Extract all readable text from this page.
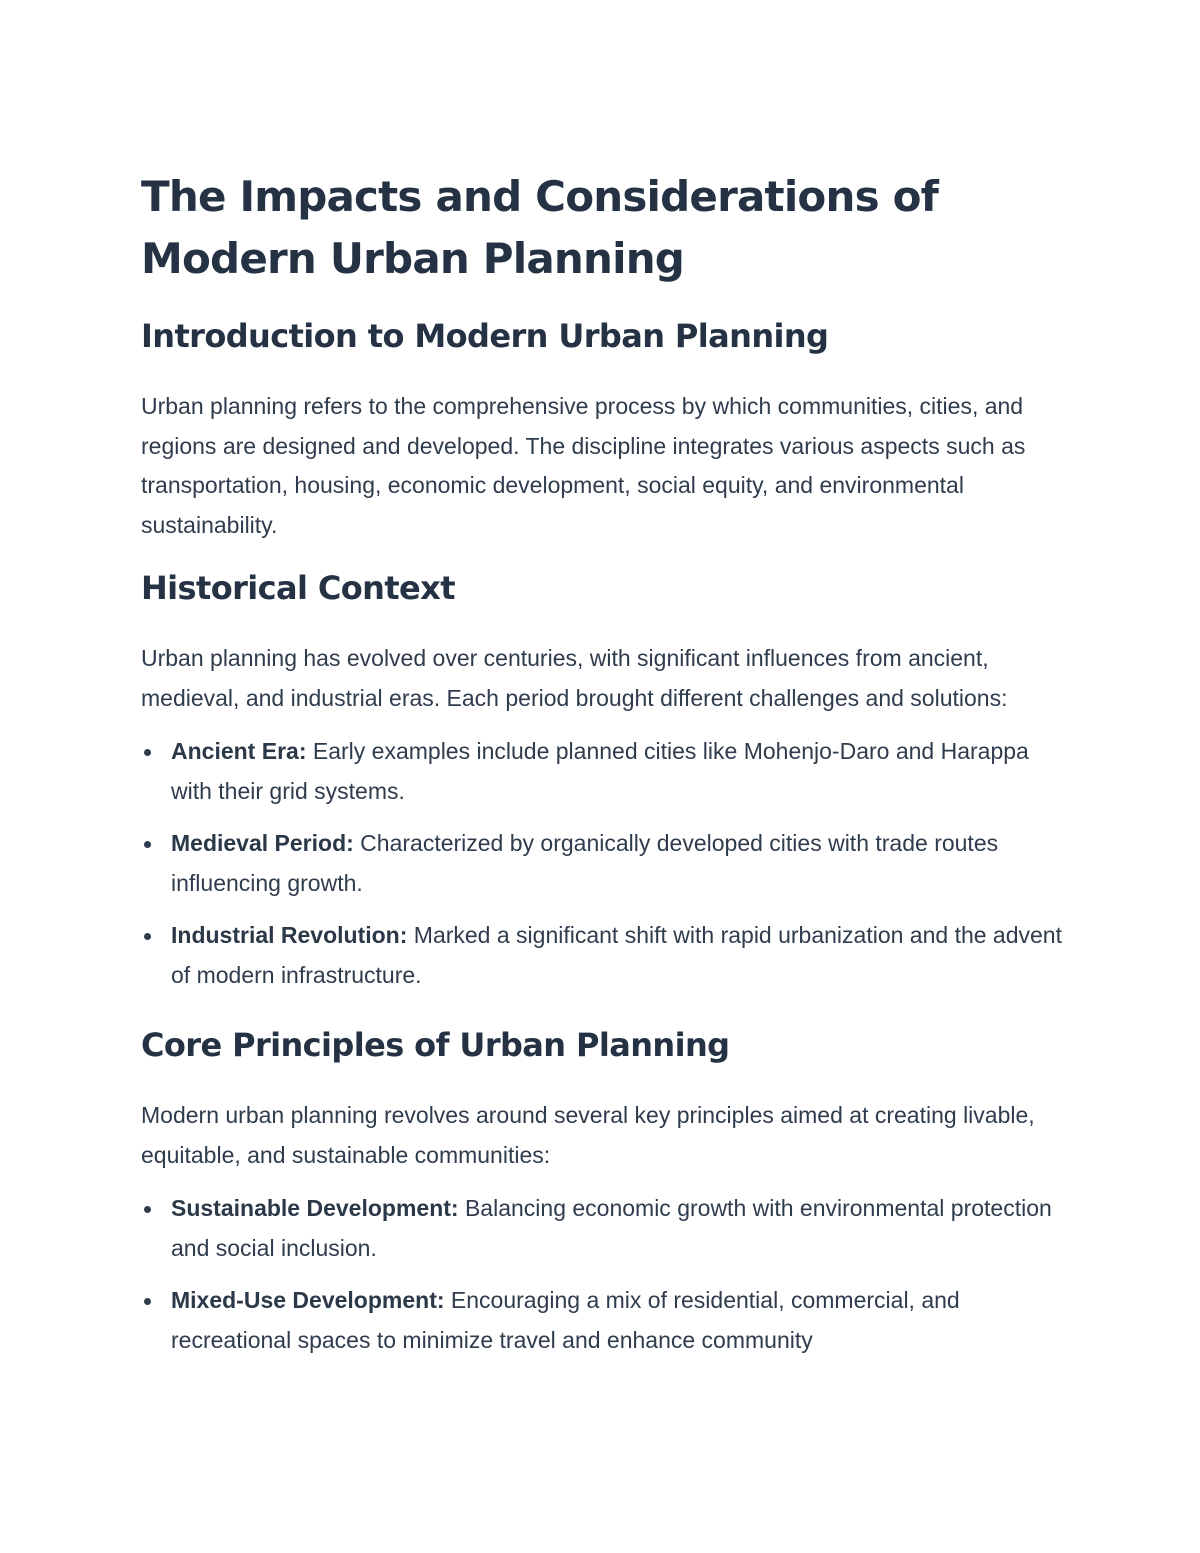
The Impacts and Considerations of Modern Urban Planning
Introduction to Modern Urban Planning

Urban planning refers to the comprehensive process by which communities, cities, and regions are designed and developed. The discipline integrates various aspects such as transportation, housing, economic development, social equity, and environmental sustainability.

Historical Context

Urban planning has evolved over centuries, with significant influences from ancient, medieval, and industrial eras. Each period brought different challenges and solutions:

Ancient Era: Early examples include planned cities like Mohenjo-Daro and Harappa with their grid systems.
Medieval Period: Characterized by organically developed cities with trade routes influencing growth.
Industrial Revolution: Marked a significant shift with rapid urbanization and the advent of modern infrastructure.
Core Principles of Urban Planning

Modern urban planning revolves around several key principles aimed at creating livable, equitable, and sustainable communities:

Sustainable Development: Balancing economic growth with environmental protection and social inclusion.
Mixed-Use Development: Encouraging a mix of residential, commercial, and recreational spaces to minimize travel and enhance community
